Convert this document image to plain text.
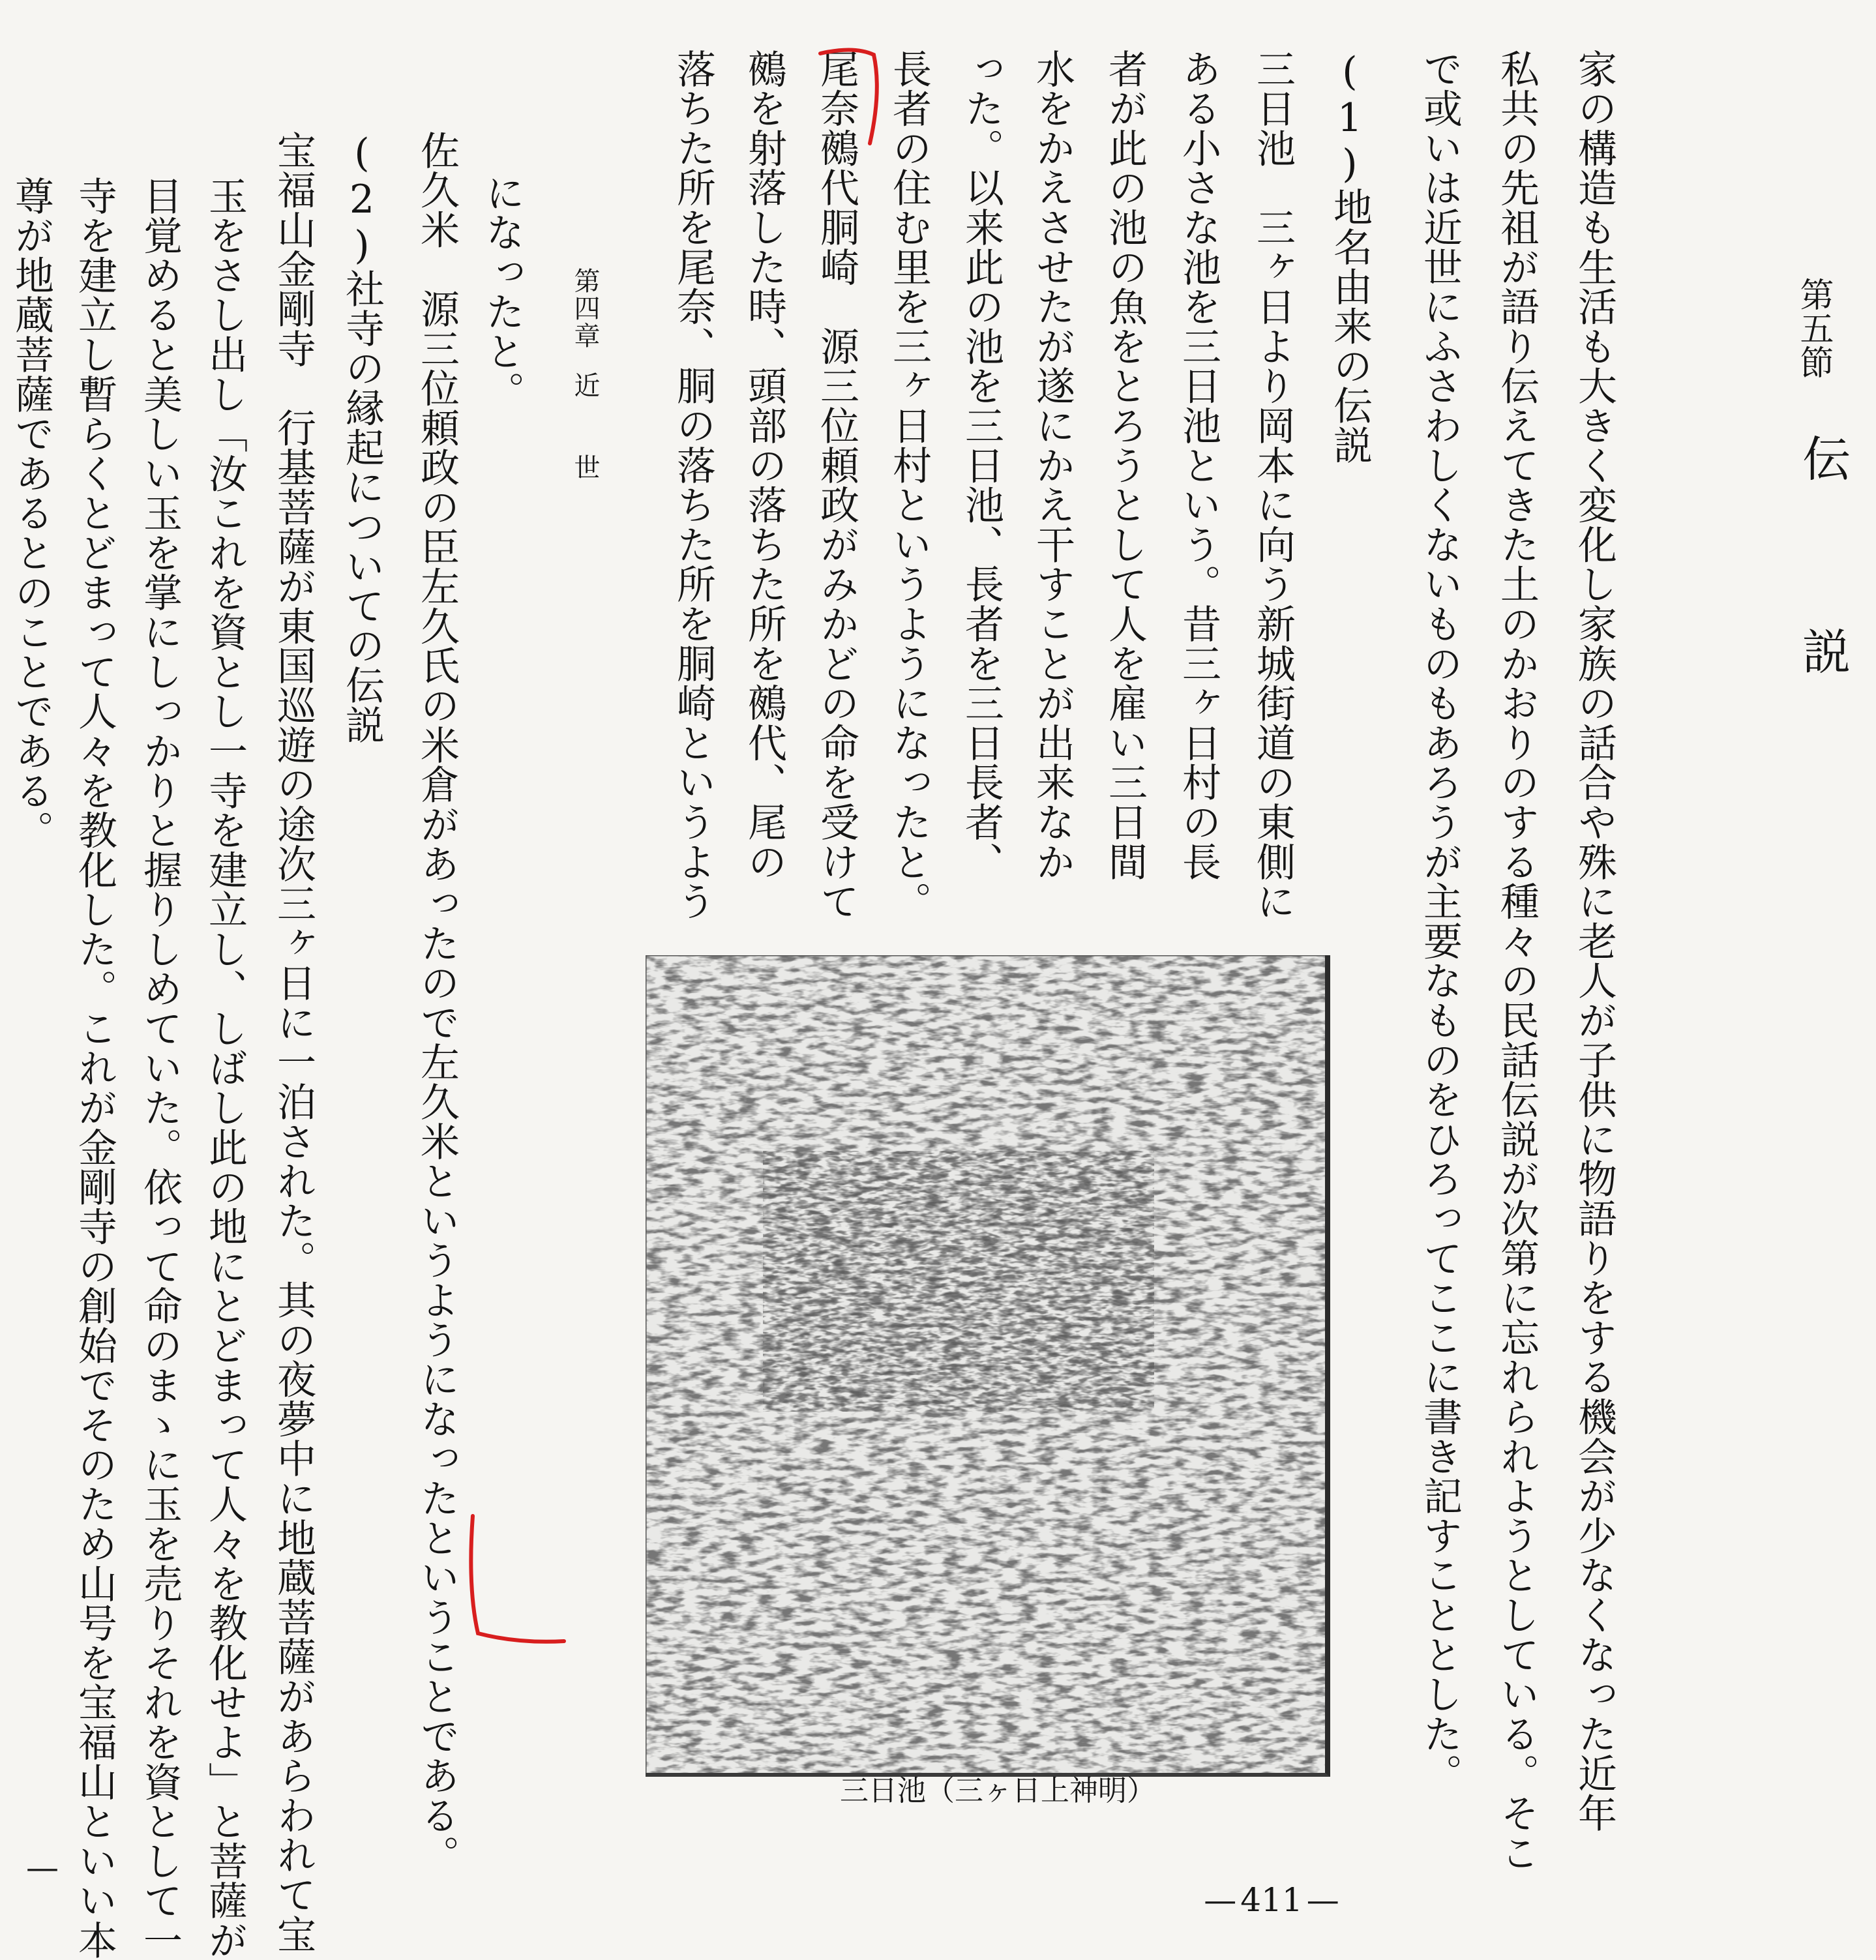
第五節
伝　　　説
家の構造も生活も大きく変化し家族の話合や殊に老人が子供に物語りをする機会が少なくなった近年
私共の先祖が語り伝えてきた土のかおりのする種々の民話伝説が次第に忘れられようとしている。そこ
で或いは近世にふさわしくないものもあろうが主要なものをひろってここに書き記すこととした。
(1)地名由来の伝説
三日池　三ヶ日より岡本に向う新城街道の東側に
ある小さな池を三日池という。昔三ヶ日村の長
者が此の池の魚をとろうとして人を雇い三日間
水をかえさせたが遂にかえ干すことが出来なか
った。以来此の池を三日池、長者を三日長者、
長者の住む里を三ヶ日村というようになったと。
尾奈鵺代胴崎　源三位頼政がみかどの命を受けて
鵺を射落した時、頭部の落ちた所を鵺代、尾の
落ちた所を尾奈、胴の落ちた所を胴崎というよう
になったと。 第四章
近　　世
佐久米　源三位頼政の臣左久氏の米倉があったので左久米というようになったということである。
(2)社寺の縁起についての伝説
宝福山金剛寺　行基菩薩が東国巡遊の途次三ヶ日に一泊された。其の夜夢中に地蔵菩薩があらわれて宝
玉をさし出し「汝これを資とし一寺を建立し、しばし此の地にとどまって人々を教化せよ」と菩薩が
目覚めると美しい玉を掌にしっかりと握りしめていた。依って命のまゝに玉を売りそれを資として一
寺を建立し暫らくとどまって人々を教化した。これが金剛寺の創始でそのため山号を宝福山といい本
尊が地蔵菩薩であるとのことである。
三日池（三ヶ日上神明）
— 411 —
—
